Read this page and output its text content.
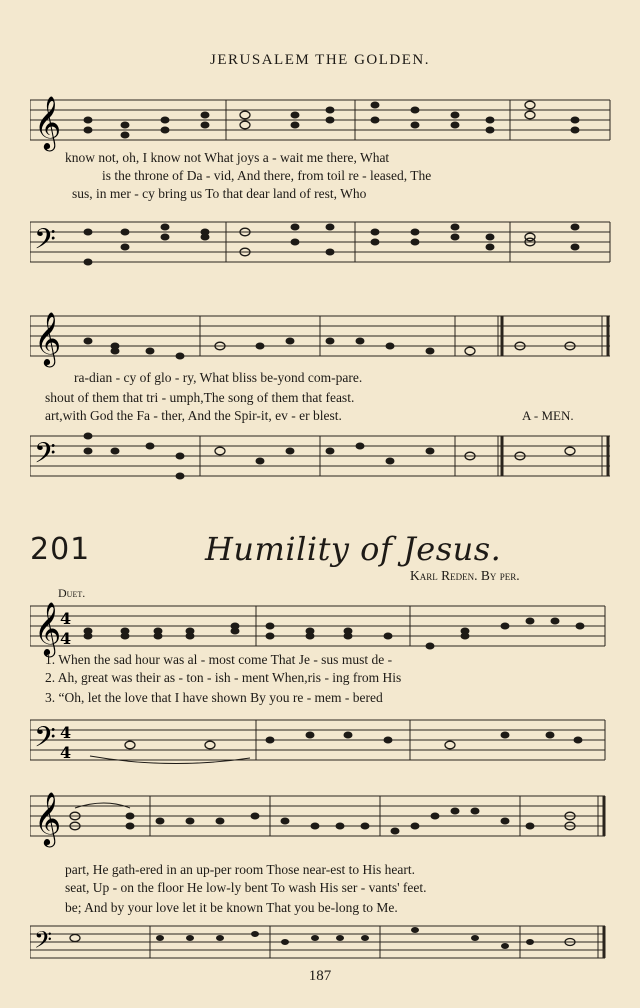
JERUSALEM THE GOLDEN.
𝄞
know not, oh, I know not What joys a - wait me there, What
is the throne of Da - vid, And there, from toil re - leased, The
sus, in mer - cy bring us To that dear land of rest, Who
𝄢
𝄞
ra-dian - cy of glo - ry, What bliss be-yond com-pare.
shout of them that tri - umph,The song of them that feast.
art,with God the Fa - ther, And the Spir-it, ev - er blest.	A - MEN.
𝄢
201	Humility of Jesus.
Karl Reden. By per.
Duet.
𝄞
4
4
1. When the sad hour was al - most come That Je - sus must de -
2. Ah, great was their as - ton - ish - ment When,ris - ing from His
3. “Oh, let the love that I have shown By you re - mem - bered
𝄢 4
4
𝄞
part, He gath-ered in an up-per room Those near-est to His heart.
seat, Up - on the floor He low-ly bent To wash His ser - vants' feet.
be; And by your love let it be known That you be-long to Me.
𝄢
187
